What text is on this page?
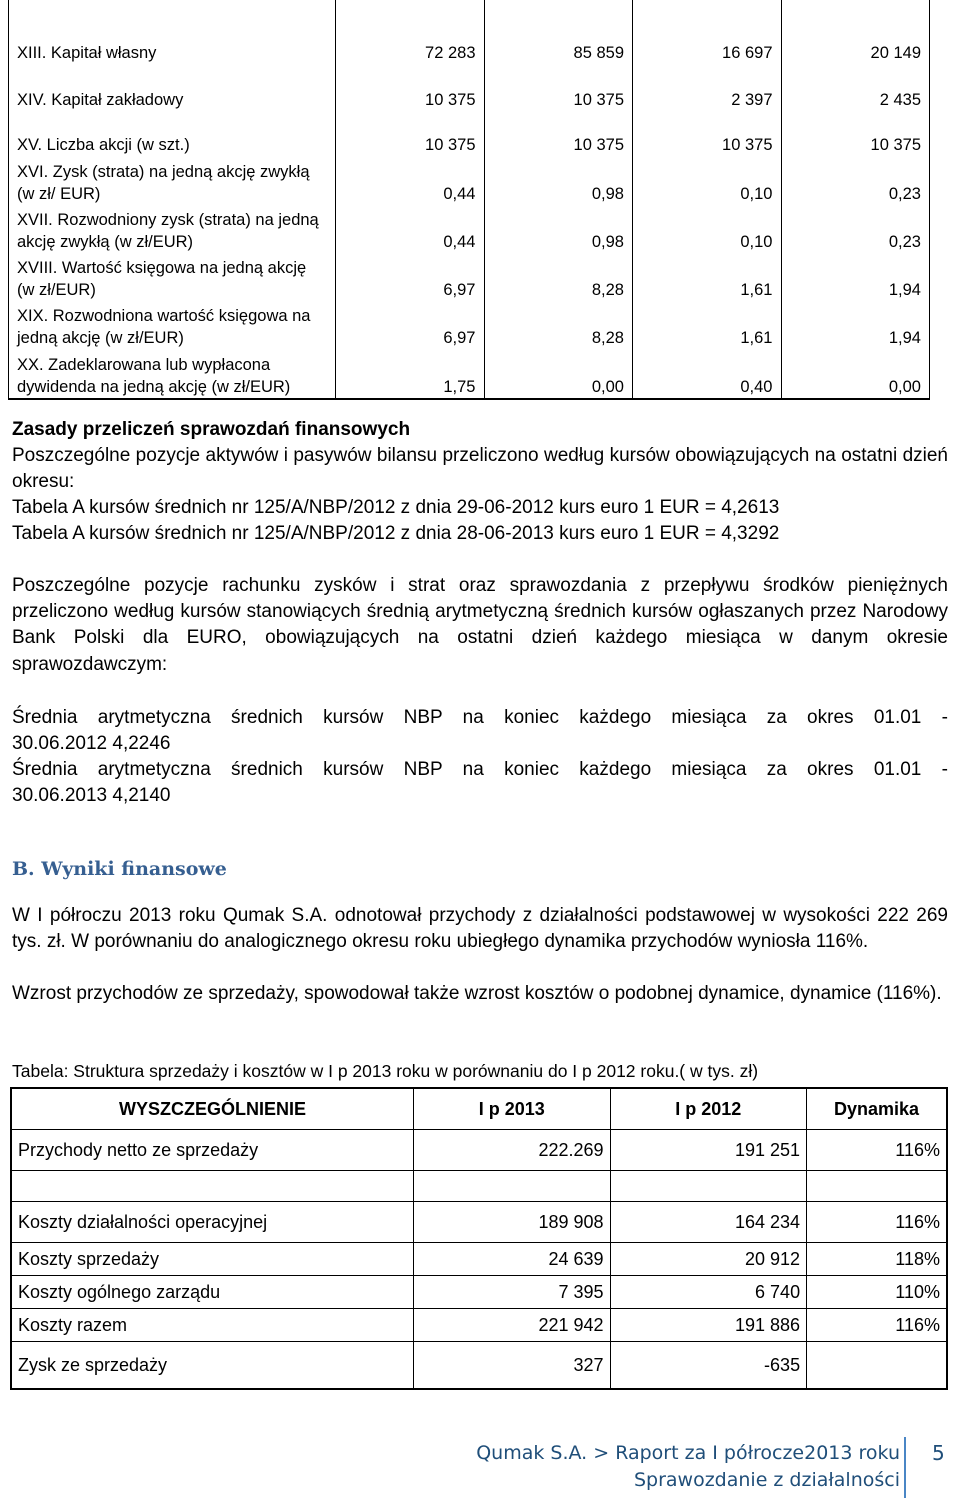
XIII. Kapitał własny	72 283	85 859	16 697	20 149
XIV. Kapitał zakładowy	10 375	10 375	2 397	2 435
XV. Liczba akcji (w szt.)	10 375	10 375	10 375	10 375
XVI. Zysk (strata) na jedną akcję zwykłą (w zł/ EUR)	0,44	0,98	0,10	0,23
XVII. Rozwodniony zysk (strata) na jedną akcję zwykłą (w zł/EUR)	0,44	0,98	0,10	0,23
XVIII. Wartość księgowa na jedną akcję (w zł/EUR)	6,97	8,28	1,61	1,94
XIX. Rozwodniona wartość księgowa na jedną akcję (w zł/EUR)	6,97	8,28	1,61	1,94
XX. Zadeklarowana lub wypłacona dywidenda na jedną akcję (w zł/EUR)	1,75	0,00	0,40	0,00
Zasady przeliczeń sprawozdań finansowych
Poszczególne pozycje aktywów i pasywów bilansu przeliczono według kursów obowiązujących na ostatni dzień okresu:
Tabela A kursów średnich nr 125/A/NBP/2012 z dnia 29-06-2012 kurs euro 1 EUR = 4,2613
Tabela A kursów średnich nr 125/A/NBP/2012 z dnia 28-06-2013 kurs euro 1 EUR = 4,3292
Poszczególne pozycje rachunku zysków i strat oraz sprawozdania z przepływu środków pieniężnych przeliczono według kursów stanowiących średnią arytmetyczną średnich kursów ogłaszanych przez Narodowy Bank Polski dla EURO, obowiązujących na ostatni dzień każdego miesiąca w danym okresie sprawozdawczym:
Średnia arytmetyczna średnich kursów NBP na koniec każdego miesiąca za okres 01.01 -
30.06.2012 4,2246
Średnia arytmetyczna średnich kursów NBP na koniec każdego miesiąca za okres 01.01 -
30.06.2013 4,2140
B. Wyniki finansowe
W I półroczu 2013 roku Qumak S.A. odnotował przychody z działalności podstawowej w wysokości 222 269 tys. zł. W porównaniu do analogicznego okresu roku ubiegłego dynamika przychodów wyniosła 116%.
Wzrost przychodów ze sprzedaży, spowodował także wzrost kosztów o podobnej dynamice, dynamice (116%).
Tabela: Struktura sprzedaży i kosztów w I p 2013 roku w porównaniu do I p 2012 roku.( w tys. zł)
WYSZCZEGÓLNIENIE	I p 2013	I p 2012	Dynamika
Przychody netto ze sprzedaży	222.269	191 251	116%

Koszty działalności operacyjnej	189 908	164 234	116%
Koszty sprzedaży	24 639	20 912	118%
Koszty ogólnego zarządu	7 395	6 740	110%
Koszty razem	221 942	191 886	116%
Zysk ze sprzedaży	327	-635	
Qumak S.A. > Raport za I półrocze2013 roku
Sprawozdanie z działalności
5
